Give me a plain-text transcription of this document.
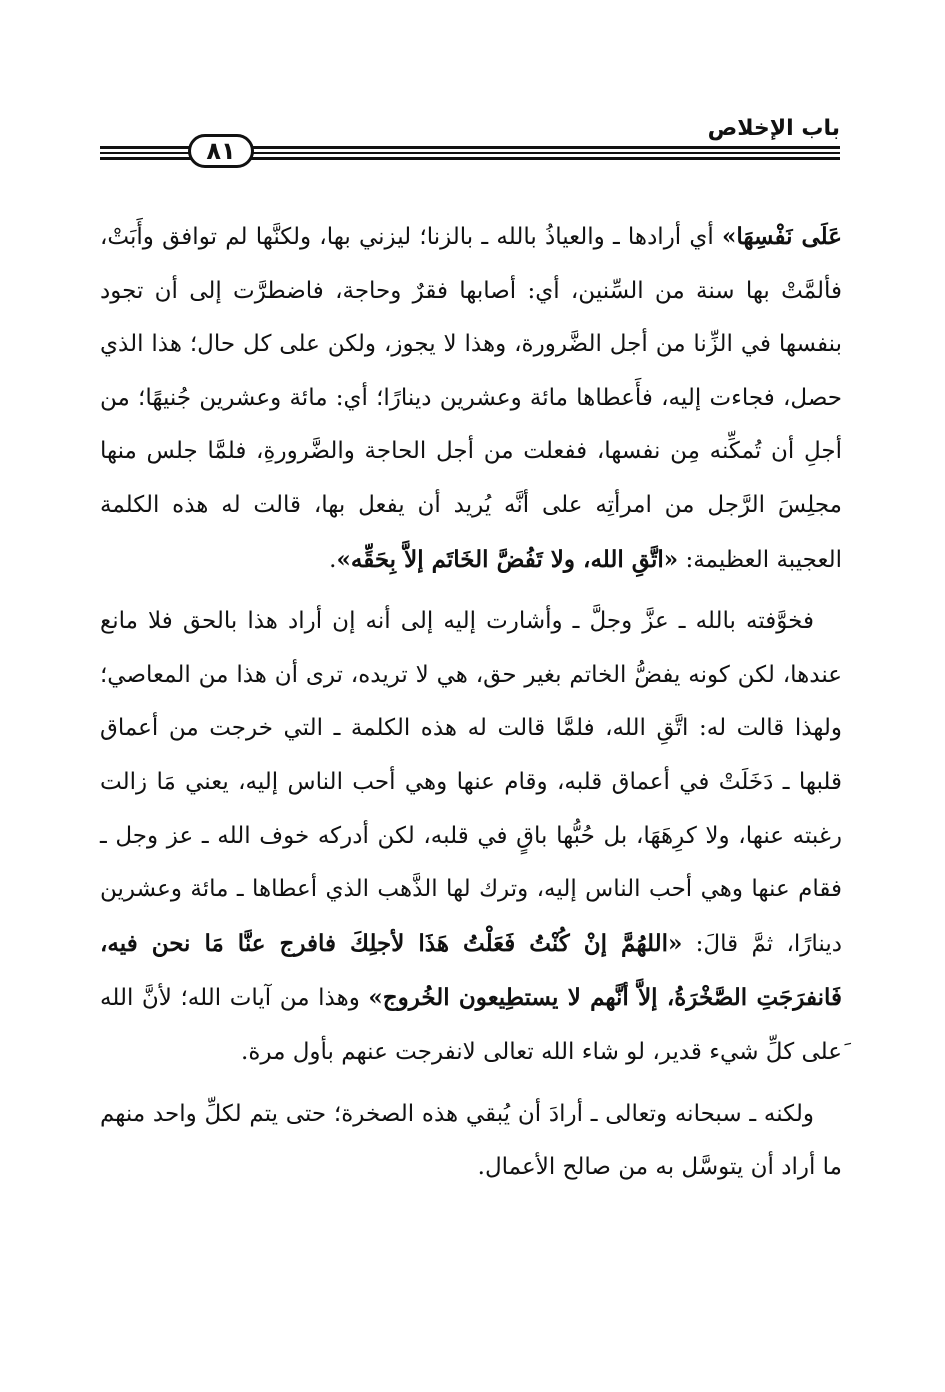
٨١
باب الإخلاص

عَلَى نَفْسِهَا» أي أرادها ـ والعياذُ بالله ـ بالزنا؛ ليزني بها، ولكنَّها لم توافق وأَبَتْ، فألمَّتْ بها سنة من السِّنين، أي: أصابها فقرٌ وحاجة، فاضطرَّت إلى أن تجود بنفسها في الزِّنا من أجل الضَّرورة، وهذا لا يجوز، ولكن على كل حال؛ هذا الذي حصل، فجاءت إليه، فأَعطاها مائة وعشرين دينارًا؛ أي: مائة وعشرين جُنيهًا؛ من أجلِ أن تُمكِّنه مِن نفسها، ففعلت من أجل الحاجة والضَّرورةِ، فلمَّا جلس منها مجلِسَ الرَّجل من امرأتِه على أنَّه يُريد أن يفعل بها، قالت له هذه الكلمة العجيبة العظيمة: «اتَّقِ الله، ولا تَفُضَّ الخَاتَم إلاَّ بِحَقِّه».

فخوَّفته بالله ـ عزَّ وجلَّ ـ وأشارت إليه إلى أنه إن أراد هذا بالحق فلا مانع عندها، لكن كونه يفضُّ الخاتم بغير حق، هي لا تريده، ترى أن هذا من المعاصي؛ ولهذا قالت له: اتَّقِ الله، فلمَّا قالت له هذه الكلمة ـ التي خرجت من أعماق قلبها ـ دَخَلَتْ في أعماق قلبه، وقام عنها وهي أحب الناس إليه، يعني مَا زالت رغبته عنها، ولا كرِهَهَا، بل حُبُّها باقٍ في قلبه، لكن أدركه خوف الله ـ عز وجل ـ فقام عنها وهي أحب الناس إليه، وترك لها الذَّهب الذي أعطاها ـ مائة وعشرين دينارًا، ثمَّ قالَ: «اللهُمَّ إنْ كُنْتُ فَعَلْتُ هَذَا لأجلِكَ فافرج عنَّا مَا نحن فيه، فَانفرَجَتِ الصَّخْرَةُ، إلاَّ أنَّهم لا يستطِيعون الخُروج» وهذا من آيات الله؛ لأنَّ الله َعلى كلِّ شيء قدير، لو شاء الله تعالى لانفرجت عنهم بأول مرة.

ولكنه ـ سبحانه وتعالى ـ أرادَ أن يُبقي هذه الصخرة؛ حتى يتم لكلِّ واحد منهم ما أراد أن يتوسَّل به من صالح الأعمال.
